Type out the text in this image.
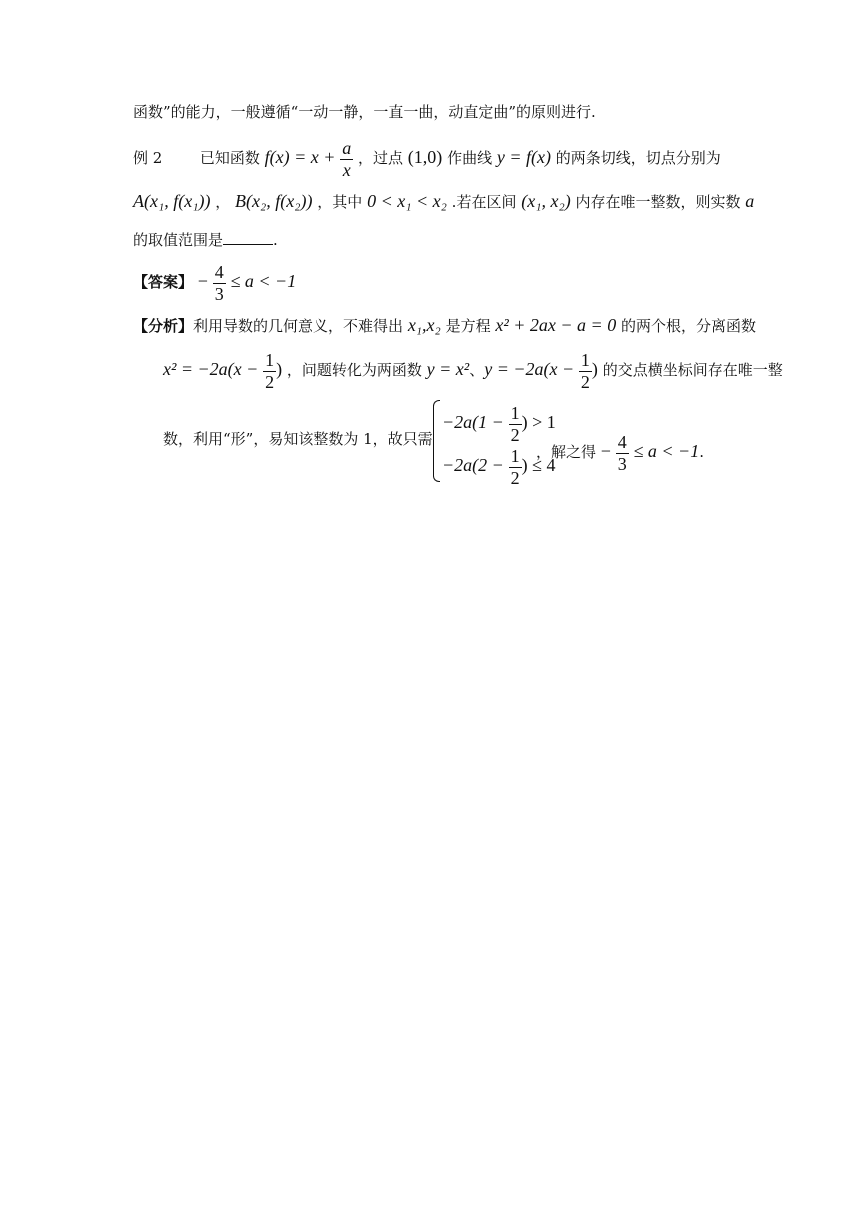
函数”的能力，一般遵循“一动一静，一直一曲，动直定曲”的原则进行.
例 2	已知函数 $f(x) = x + \frac{a}{x}$ ，过点 (1,0) 作曲线 y = f(x) 的两条切线，切点分别为
A(x₁, f(x₁)) ， B(x₂, f(x₂)) ，其中 0 < x₁ < x₂ .若在区间 (x₁, x₂) 内存在唯一整数，则实数 a
的取值范围是	.
【答案】 − $\frac{4}{3} \le a < -1$
【分析】利用导数的几何意义，不难得出 x₁,x₂ 是方程 x² + 2ax − a = 0 的两个根，分离函数
$x^2 = -2a(x - \frac{1}{2}$ ) ，问题转化为两函数 y = x²、$y = -2a(x - \frac{1}{2}$ ) 的交点横坐标间存在唯一整
数，利用“形”，易知该整数为 1，故只需
$-2a(1 - \frac{1}{2}$ ) > 1
$-2a(2 - \frac{1}{2}$ ) ≤ 4
，解之得 − $\frac{4}{3} \le a < -1$.
